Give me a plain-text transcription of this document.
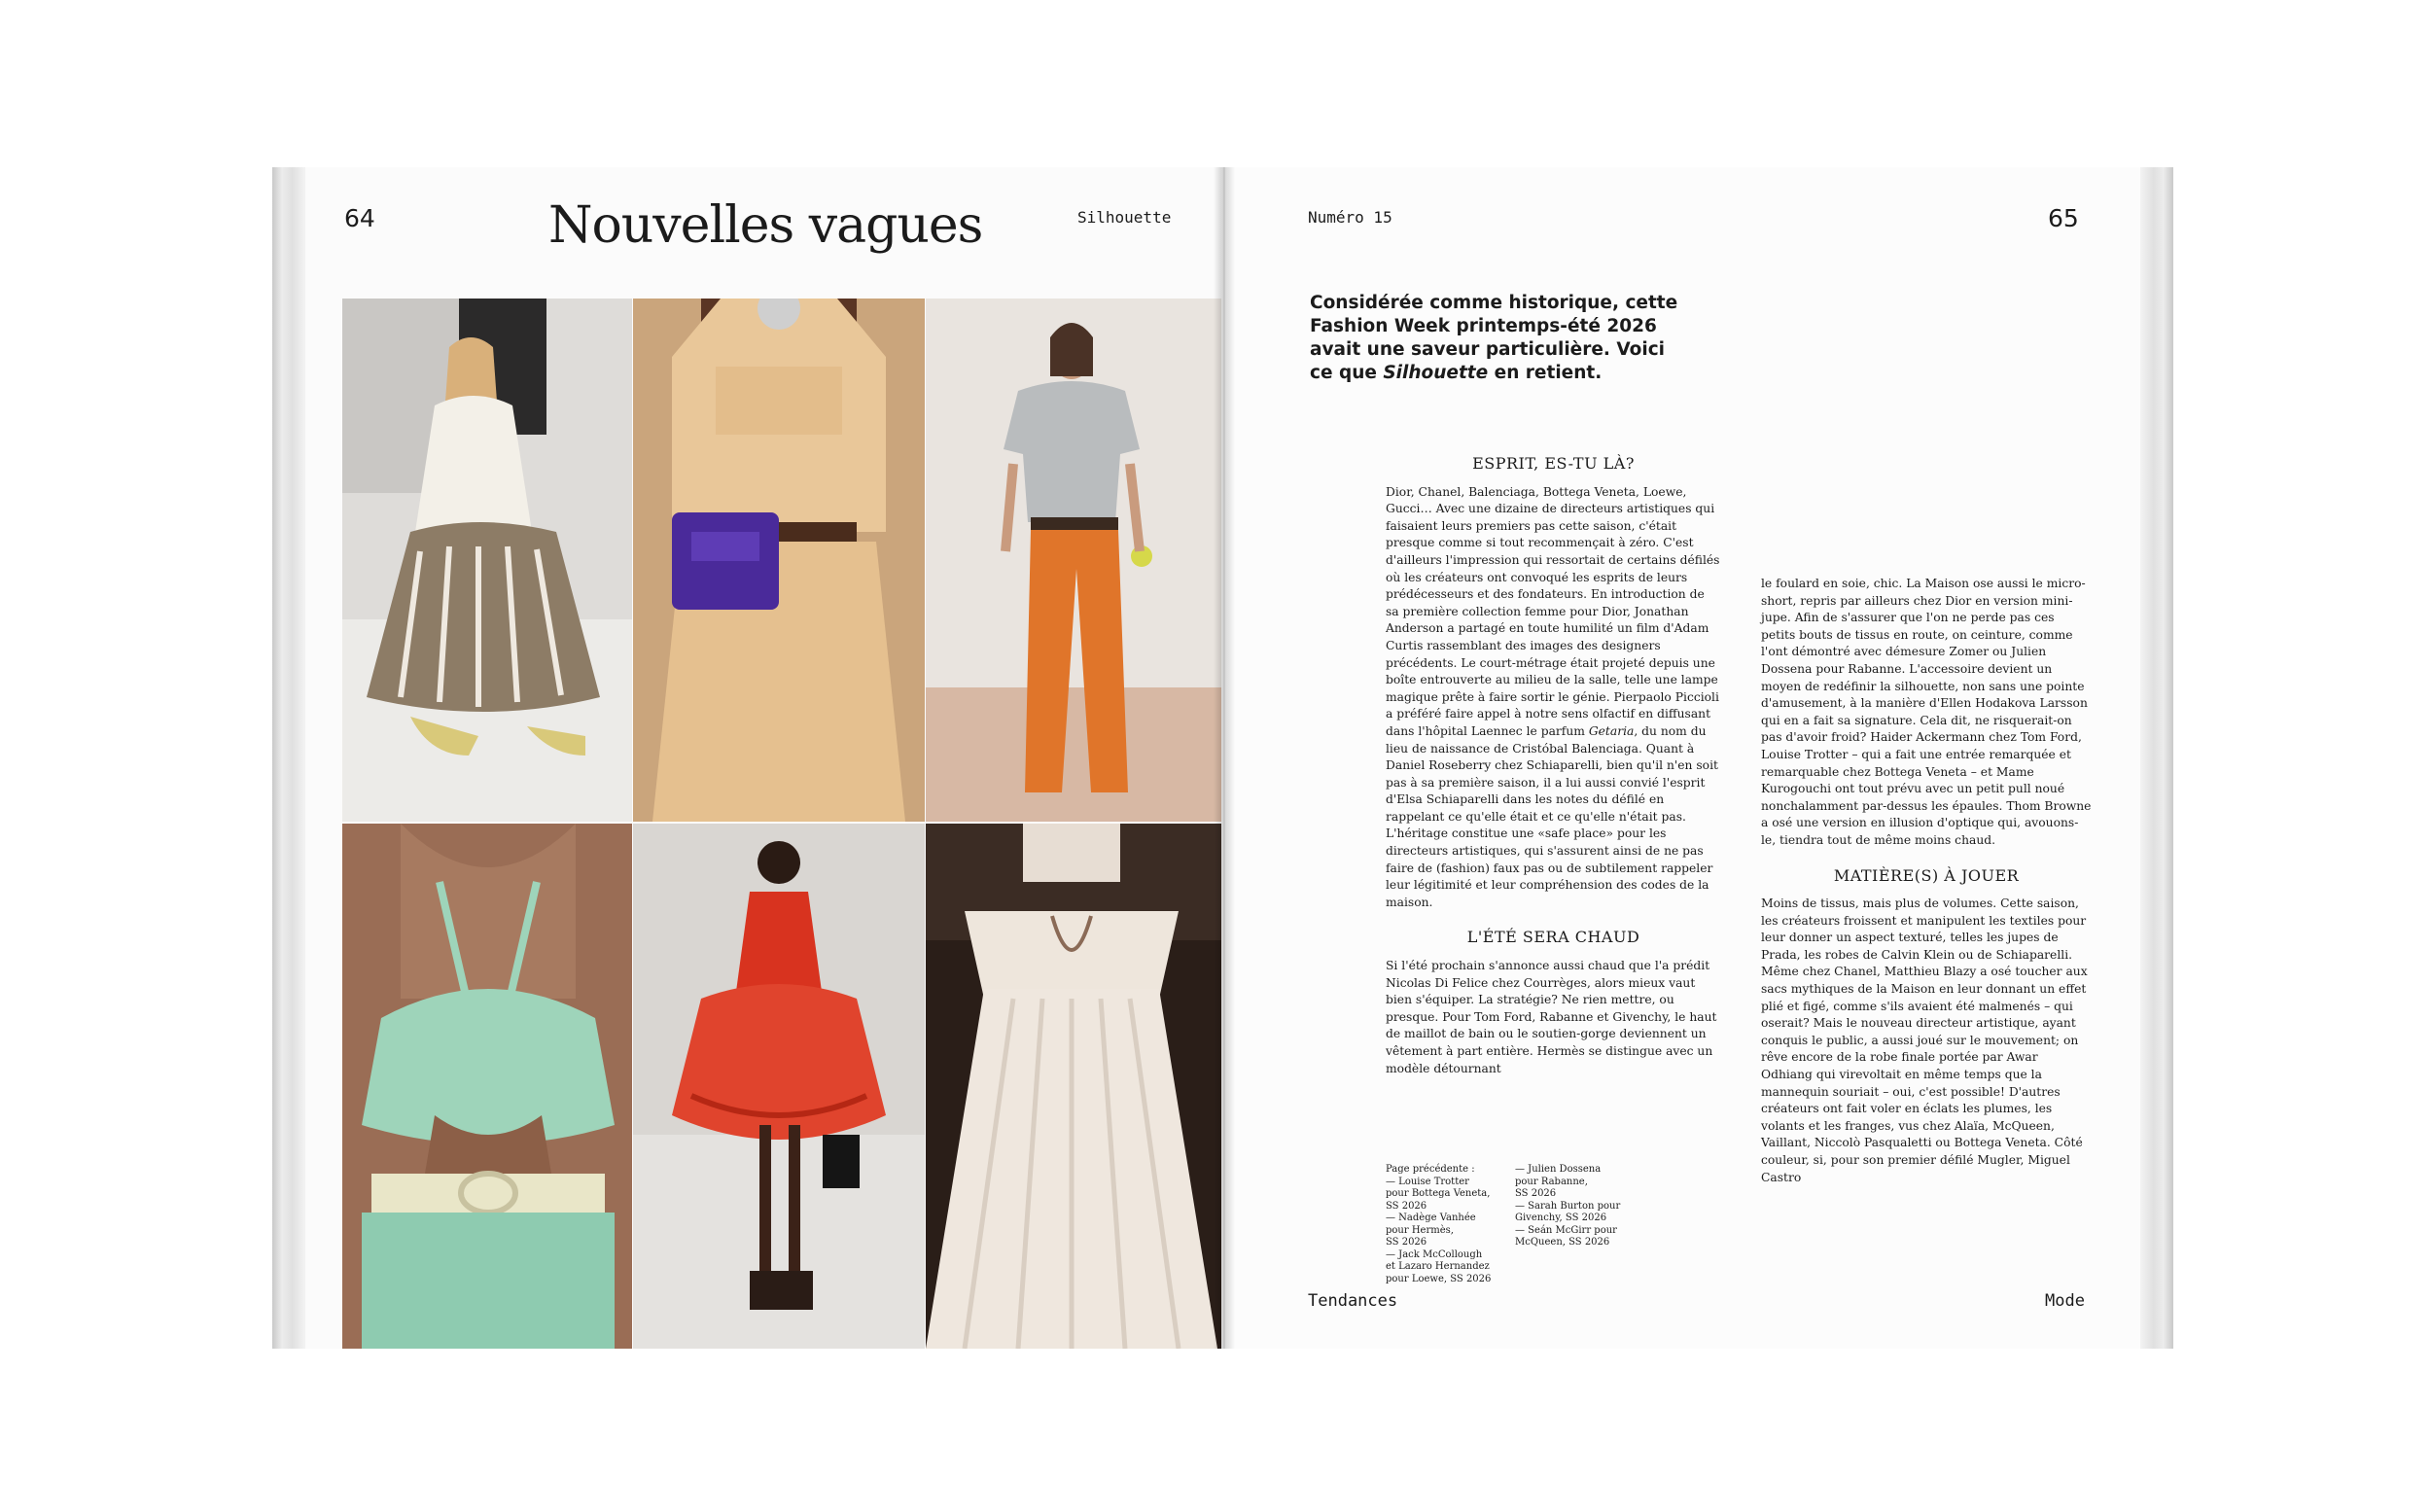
64	Nouvelles vagues	Silhouette	Numéro 15	65
Considérée comme historique, cette Fashion Week printemps-été 2026 avait une saveur particulière. Voici ce que Silhouette en retient.
ESPRIT, ES-TU LÀ?

Dior, Chanel, Balenciaga, Bottega Veneta, Loewe, Gucci… Avec une dizaine de directeurs artistiques qui faisaient leurs premiers pas cette saison, c'était presque comme si tout recommençait à zéro. C'est d'ailleurs l'impression qui ressortait de certains défilés où les créateurs ont convoqué les esprits de leurs prédécesseurs et des fondateurs. En introduction de sa première collection femme pour Dior, Jonathan Anderson a partagé en toute humilité un film d'Adam Curtis rassemblant des images des designers précédents. Le court-métrage était projeté depuis une boîte entrouverte au milieu de la salle, telle une lampe magique prête à faire sortir le génie. Pierpaolo Piccioli a préféré faire appel à notre sens olfactif en diffusant dans l'hôpital Laennec le parfum Getaria, du nom du lieu de naissance de Cristóbal Balenciaga. Quant à Daniel Roseberry chez Schiaparelli, bien qu'il n'en soit pas à sa première saison, il a lui aussi convié l'esprit d'Elsa Schiaparelli dans les notes du défilé en rappelant ce qu'elle était et ce qu'elle n'était pas. L'héritage constitue une «safe place» pour les directeurs artistiques, qui s'assurent ainsi de ne pas faire de (fashion) faux pas ou de subtilement rappeler leur légitimité et leur compréhension des codes de la maison.

L'ÉTÉ SERA CHAUD

Si l'été prochain s'annonce aussi chaud que l'a prédit Nicolas Di Felice chez Courrèges, alors mieux vaut bien s'équiper. La stratégie? Ne rien mettre, ou presque. Pour Tom Ford, Rabanne et Givenchy, le haut de maillot de bain ou le soutien-gorge deviennent un vêtement à part entière. Hermès se distingue avec un modèle détournant

le foulard en soie, chic. La Maison ose aussi le micro-short, repris par ailleurs chez Dior en version mini-jupe. Afin de s'assurer que l'on ne perde pas ces petits bouts de tissus en route, on ceinture, comme l'ont démontré avec démesure Zomer ou Julien Dossena pour Rabanne. L'accessoire devient un moyen de redéfinir la silhouette, non sans une pointe d'amusement, à la manière d'Ellen Hodakova Larsson qui en a fait sa signature. Cela dit, ne risquerait-on pas d'avoir froid? Haider Ackermann chez Tom Ford, Louise Trotter – qui a fait une entrée remarquée et remarquable chez Bottega Veneta – et Mame Kurogouchi ont tout prévu avec un petit pull noué nonchalamment par-dessus les épaules. Thom Browne a osé une version en illusion d'optique qui, avouons-le, tiendra tout de même moins chaud.

MATIÈRE(S) À JOUER

Moins de tissus, mais plus de volumes. Cette saison, les créateurs froissent et manipulent les textiles pour leur donner un aspect texturé, telles les jupes de Prada, les robes de Calvin Klein ou de Schiaparelli. Même chez Chanel, Matthieu Blazy a osé toucher aux sacs mythiques de la Maison en leur donnant un effet plié et figé, comme s'ils avaient été malmenés – qui oserait? Mais le nouveau directeur artistique, ayant conquis le public, a aussi joué sur le mouvement; on rêve encore de la robe finale portée par Awar Odhiang qui virevoltait en même temps que la mannequin souriait – oui, c'est possible! D'autres créateurs ont fait voler en éclats les plumes, les volants et les franges, vus chez Alaïa, McQueen, Vaillant, Niccolò Pasqualetti ou Bottega Veneta. Côté couleur, si, pour son premier défilé Mugler, Miguel Castro

Page précédente :
— Louise Trotter
pour Bottega Veneta,
SS 2026
— Nadège Vanhée
pour Hermès,
SS 2026
— Jack McCollough
et Lazaro Hernandez
pour Loewe, SS 2026
— Julien Dossena
pour Rabanne,
SS 2026
— Sarah Burton pour
Givenchy, SS 2026
— Seán McGirr pour
McQueen, SS 2026
Tendances	Mode
